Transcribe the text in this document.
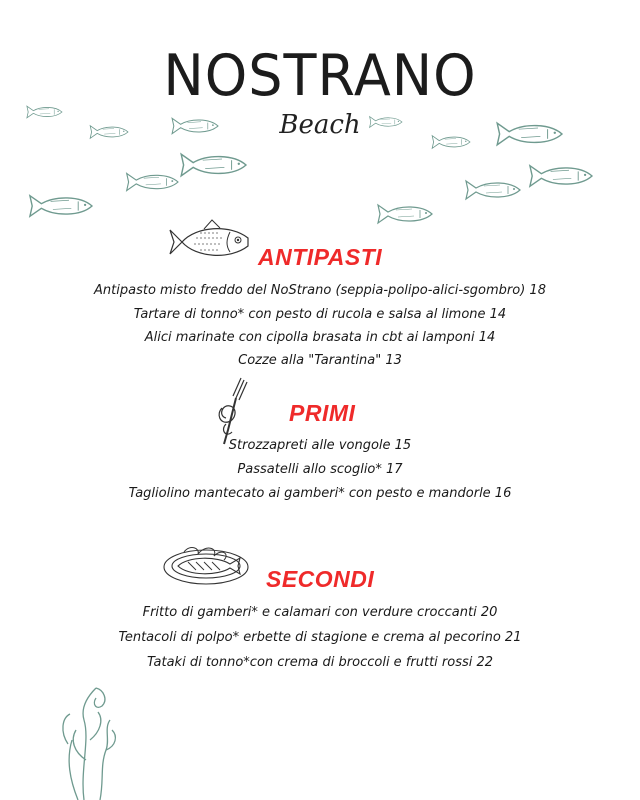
NOSTRANO
Beach
ANTIPASTI
Antipasto misto freddo del NoStrano (seppia-polipo-alici-sgombro) 18
Tartare di tonno* con pesto di rucola e salsa al limone 14
Alici marinate con cipolla brasata in cbt ai lamponi 14
Cozze alla "Tarantina" 13
PRIMI
Strozzapreti alle vongole 15
Passatelli allo scoglio* 17
Tagliolino mantecato ai gamberi* con pesto e mandorle 16
SECONDI
Fritto di gamberi* e calamari con verdure croccanti 20
Tentacoli di polpo* erbette di stagione e crema al pecorino 21
Tataki di tonno*con crema di broccoli e frutti rossi 22
